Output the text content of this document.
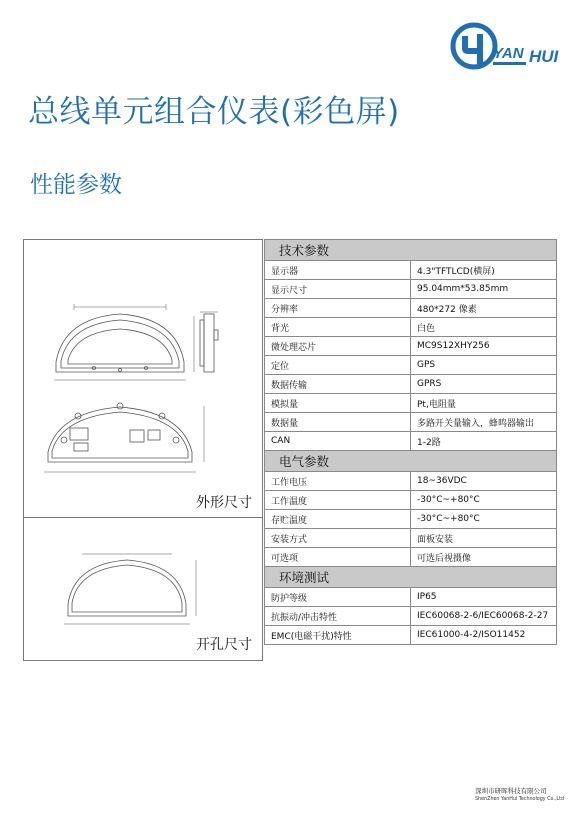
YAN HUI
总线单元组合仪表(彩色屏)
性能参数
外形尺寸
开孔尺寸
技术参数	
显示器	4.3"TFTLCD(横屏)
显示尺寸	95.04mm*53.85mm
分辨率	480*272 像素
背光	白色
微处理芯片	MC9S12XHY256
定位	GPS
数据传输	GPRS
模拟量	Pt,电阻量
数据量	多路开关量输入，蜂鸣器输出
CAN	1-2路
电气参数	
工作电压	18~36VDC
工作温度	-30°C~+80°C
存贮温度	-30°C~+80°C
安装方式	面板安装
可选项	可选后视摄像
环境测试	
防护等级	IP65
抗振动/冲击特性	IEC60068-2-6/IEC60068-2-27
EMC(电磁干扰)特性	IEC61000-4-2/ISO11452
深圳市研晖科技有限公司
ShenZhen YanHui Technology Co.,Ltd
